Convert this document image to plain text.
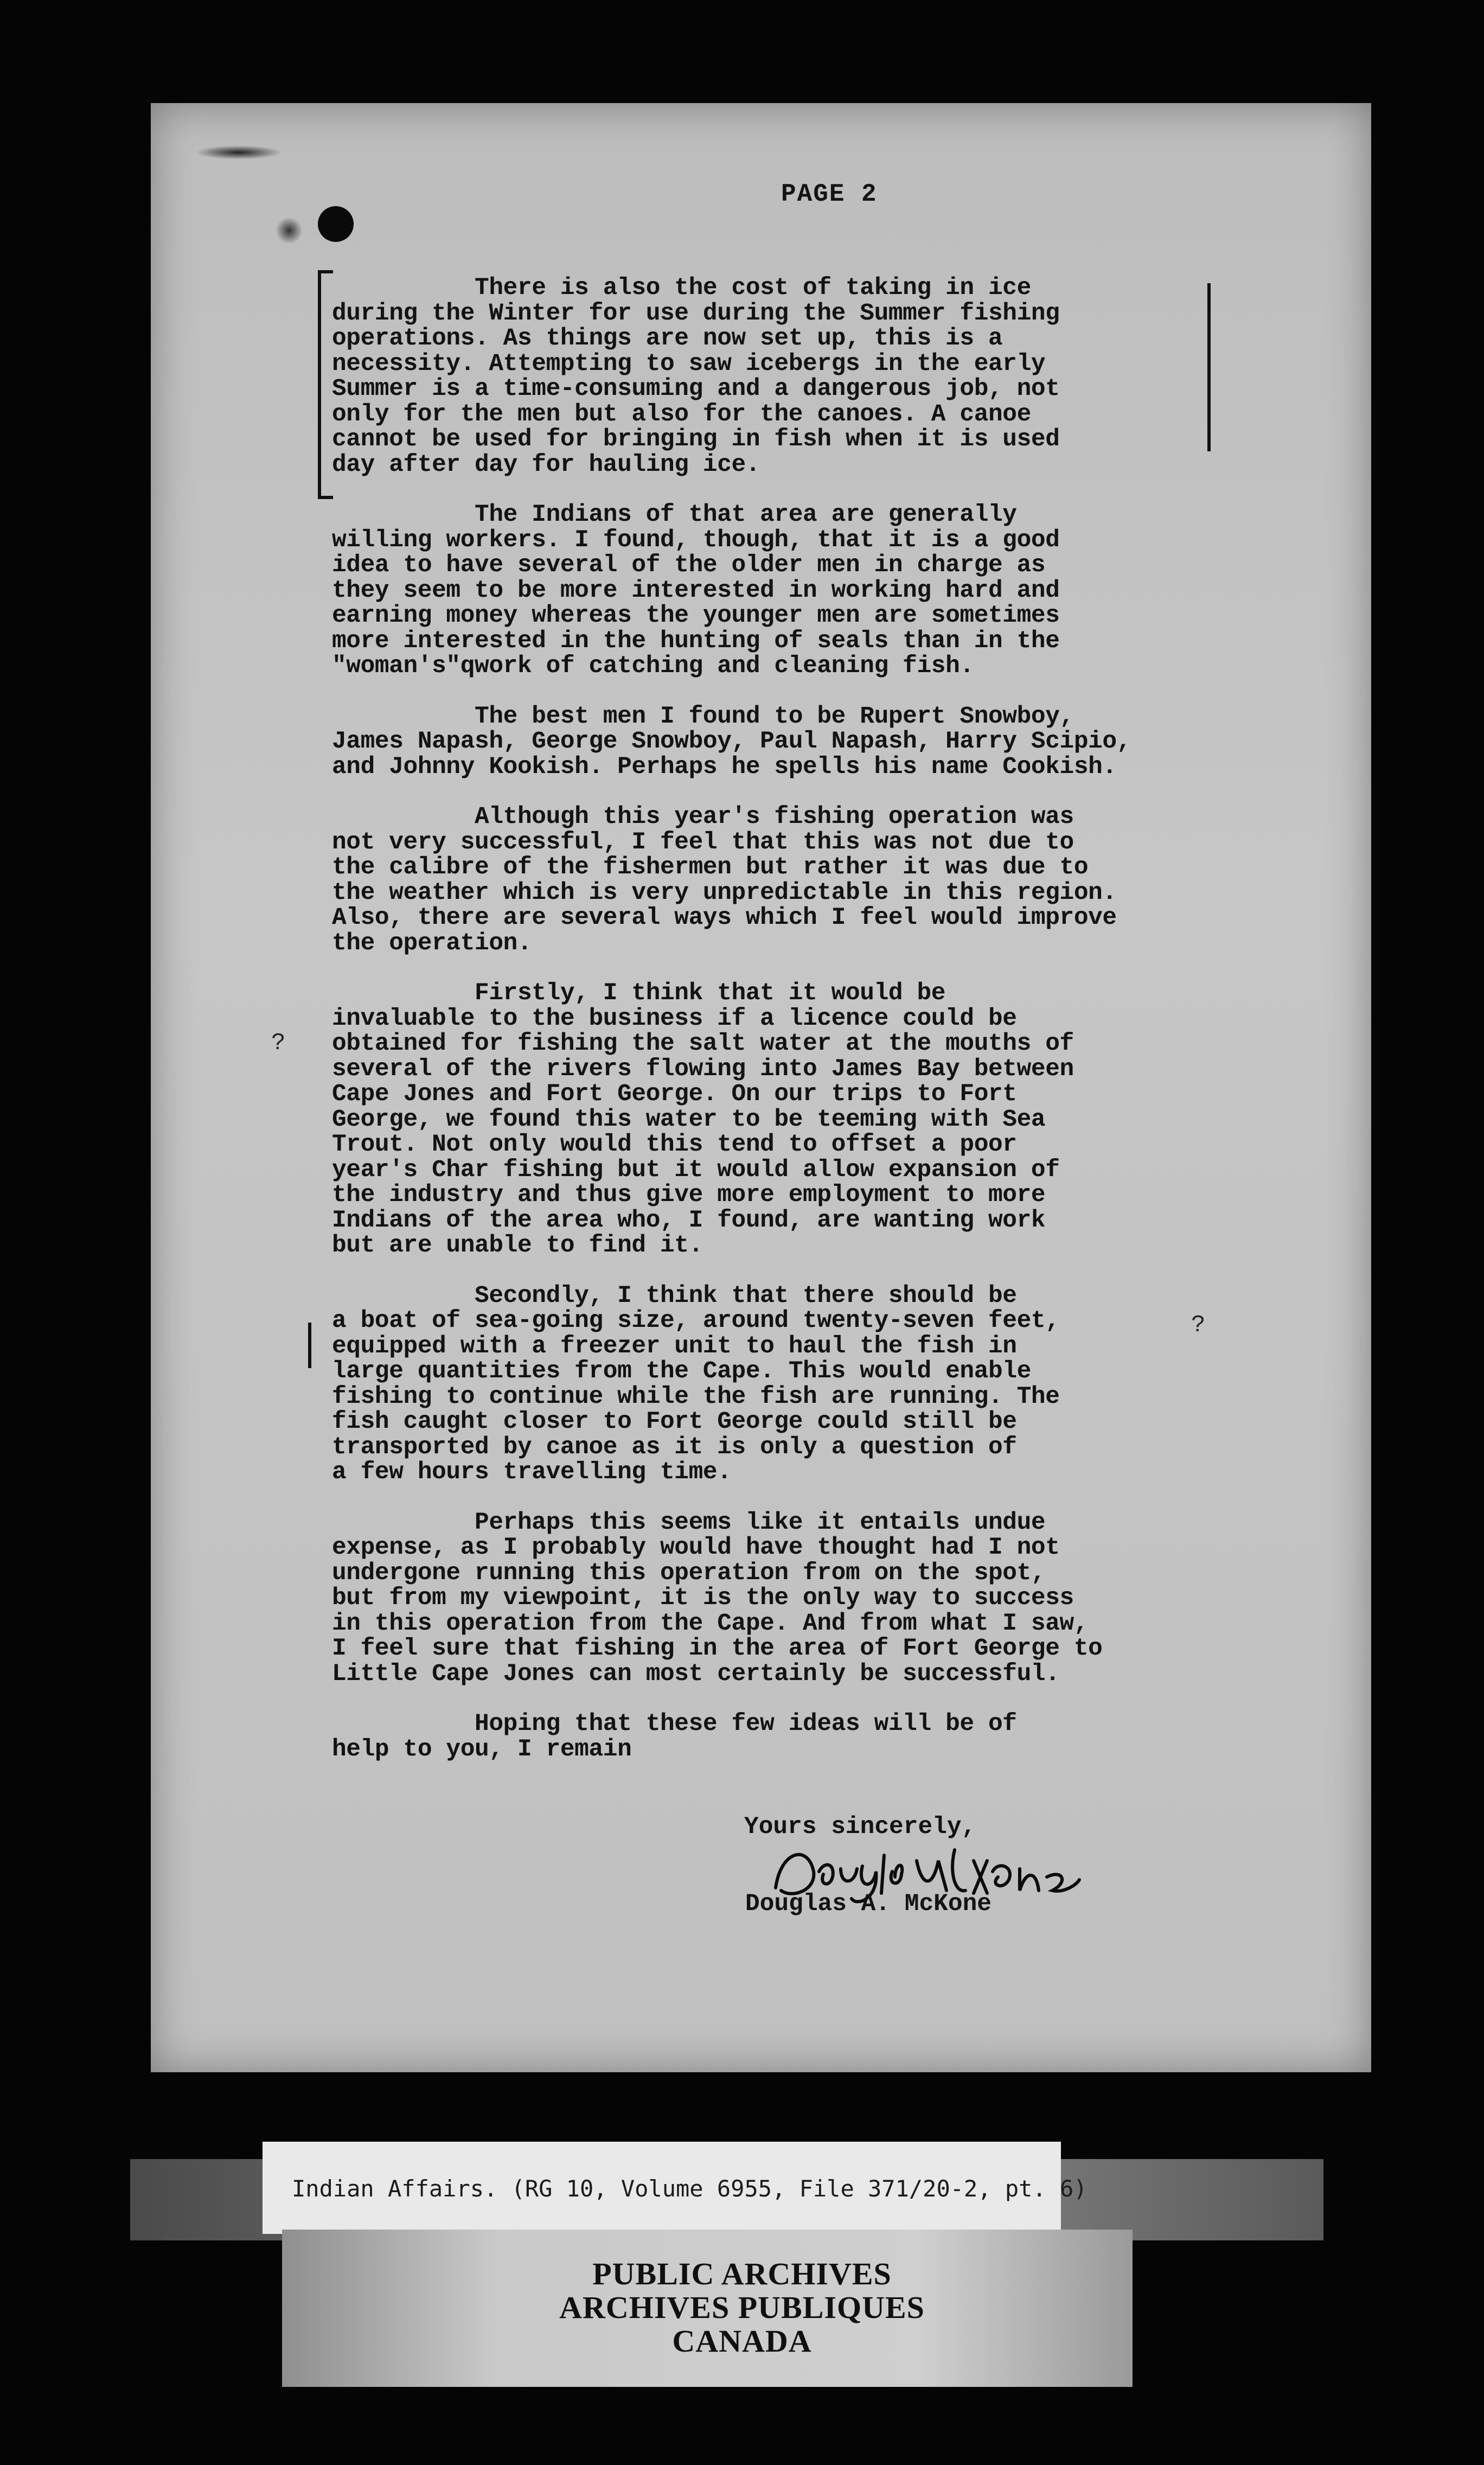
PAGE 2
?
?
There is also the cost of taking in ice
during the Winter for use during the Summer fishing
operations. As things are now set up, this is a
necessity. Attempting to saw icebergs in the early
Summer is a time-consuming and a dangerous job, not
only for the men but also for the canoes. A canoe
cannot be used for bringing in fish when it is used
day after day for hauling ice.
The Indians of that area are generally
willing workers. I found, though, that it is a good
idea to have several of the older men in charge as
they seem to be more interested in working hard and
earning money whereas the younger men are sometimes
more interested in the hunting of seals than in the
"woman's"qwork of catching and cleaning fish.
The best men I found to be Rupert Snowboy,
James Napash, George Snowboy, Paul Napash, Harry Scipio,
and Johnny Kookish. Perhaps he spells his name Cookish.
Although this year's fishing operation was
not very successful, I feel that this was not due to
the calibre of the fishermen but rather it was due to
the weather which is very unpredictable in this region.
Also, there are several ways which I feel would improve
the operation.
Firstly, I think that it would be
invaluable to the business if a licence could be
obtained for fishing the salt water at the mouths of
several of the rivers flowing into James Bay between
Cape Jones and Fort George. On our trips to Fort
George, we found this water to be teeming with Sea
Trout. Not only would this tend to offset a poor
year's Char fishing but it would allow expansion of
the industry and thus give more employment to more
Indians of the area who, I found, are wanting work
but are unable to find it.
Secondly, I think that there should be
a boat of sea-going size, around twenty-seven feet,
equipped with a freezer unit to haul the fish in
large quantities from the Cape. This would enable
fishing to continue while the fish are running. The
fish caught closer to Fort George could still be
transported by canoe as it is only a question of
a few hours travelling time.
Perhaps this seems like it entails undue
expense, as I probably would have thought had I not
undergone running this operation from on the spot,
but from my viewpoint, it is the only way to success
in this operation from the Cape. And from what I saw,
I feel sure that fishing in the area of Fort George to
Little Cape Jones can most certainly be successful.
Hoping that these few ideas will be of
help to you, I remain
Yours sincerely,
Douglas A. McKone
Indian Affairs. (RG 10, Volume 6955, File 371/20-2, pt. 6)
PUBLIC ARCHIVES
ARCHIVES PUBLIQUES
CANADA
